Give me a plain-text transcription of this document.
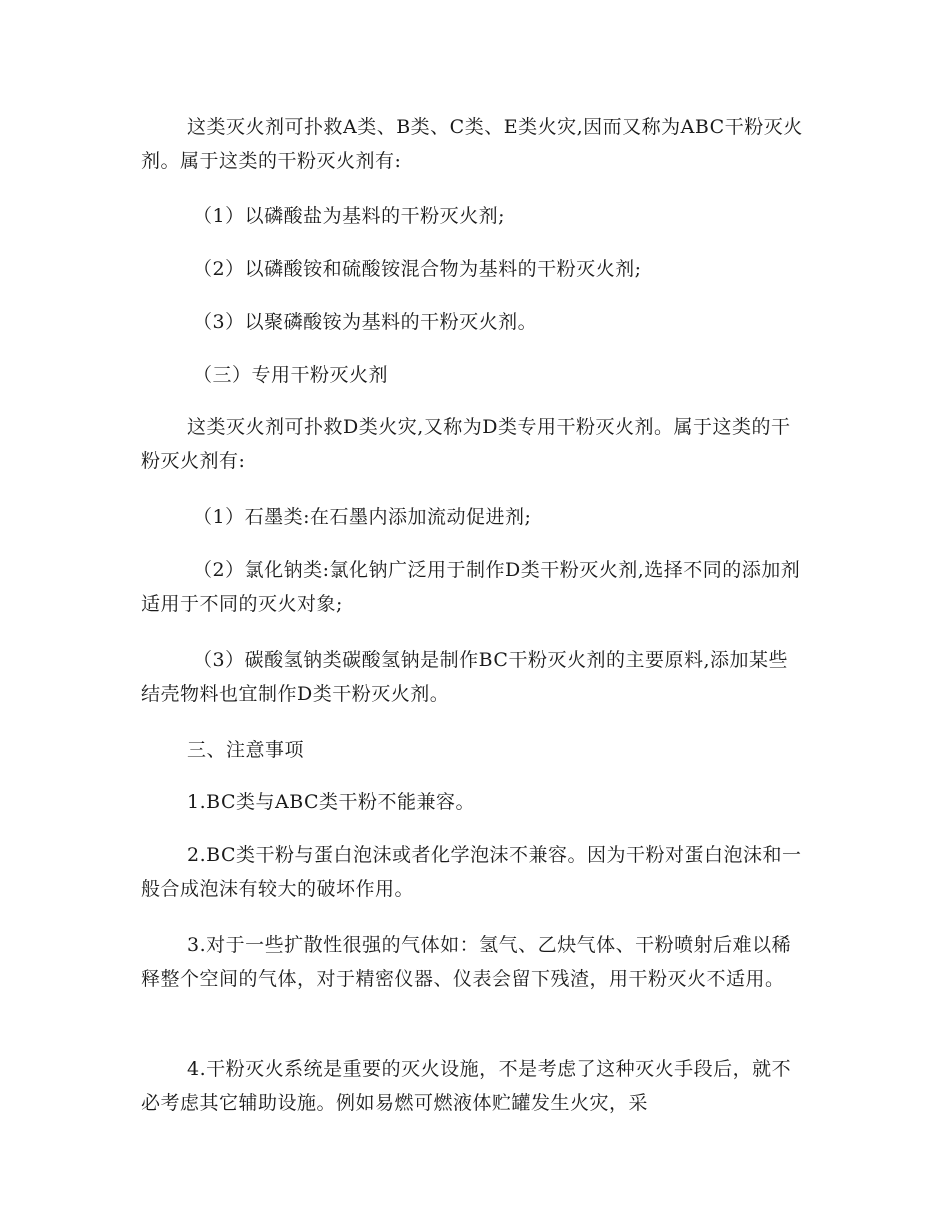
这类灭火剂可扑救A类、B类、C类、E类火灾,因而又称为ABC干粉灭火剂。属于这类的干粉灭火剂有:

（1）以磷酸盐为基料的干粉灭火剂;

（2）以磷酸铵和硫酸铵混合物为基料的干粉灭火剂;

（3）以聚磷酸铵为基料的干粉灭火剂。

（三）专用干粉灭火剂

这类灭火剂可扑救D类火灾,又称为D类专用干粉灭火剂。属于这类的干粉灭火剂有:

（1）石墨类:在石墨内添加流动促进剂;

（2）氯化钠类:氯化钠广泛用于制作D类干粉灭火剂,选择不同的添加剂适用于不同的灭火对象;

（3）碳酸氢钠类碳酸氢钠是制作BC干粉灭火剂的主要原料,添加某些结壳物料也宜制作D类干粉灭火剂。

三、注意事项

1.BC类与ABC类干粉不能兼容。

2.BC类干粉与蛋白泡沫或者化学泡沫不兼容。因为干粉对蛋白泡沫和一般合成泡沫有较大的破坏作用。

3.对于一些扩散性很强的气体如：氢气、乙炔气体、干粉喷射后难以稀释整个空间的气体，对于精密仪器、仪表会留下残渣，用干粉灭火不适用。

4.干粉灭火系统是重要的灭火设施，不是考虑了这种灭火手段后，就不必考虑其它辅助设施。例如易燃可燃液体贮罐发生火灾，采
